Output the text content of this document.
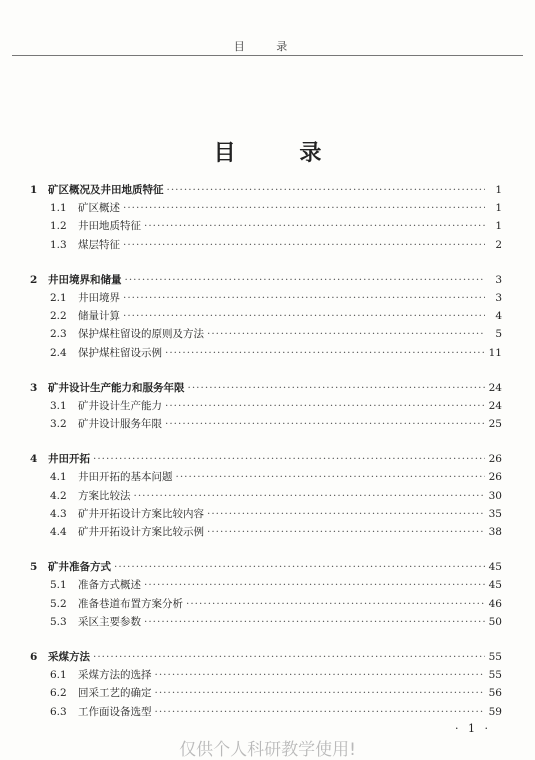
目 录
目 录
1	矿区概况及井田地质特征 ·····	1
1.1	矿区概述 ·····	1
1.2	井田地质特征 ·····	1
1.3	煤层特征 ·····	2
2	井田境界和储量 ·····	3
2.1	井田境界 ·····	3
2.2	储量计算 ·····	4
2.3	保护煤柱留设的原则及方法 ·····	5
2.4	保护煤柱留设示例 ·····	11
3	矿井设计生产能力和服务年限 ·····	24
3.1	矿井设计生产能力 ·····	24
3.2	矿井设计服务年限 ·····	25
4	井田开拓 ·····	26
4.1	井田开拓的基本问题 ·····	26
4.2	方案比较法 ·····	30
4.3	矿井开拓设计方案比较内容 ·····	35
4.4	矿井开拓设计方案比较示例 ·····	38
5	矿井准备方式 ·····	45
5.1	准备方式概述 ·····	45
5.2	准备巷道布置方案分析 ·····	46
5.3	采区主要参数 ·····	50
6	采煤方法 ·····	55
6.1	采煤方法的选择 ·····	55
6.2	回采工艺的确定 ·····	56
6.3	工作面设备选型 ·····	59
· 1 ·
仅供个人科研教学使用!
